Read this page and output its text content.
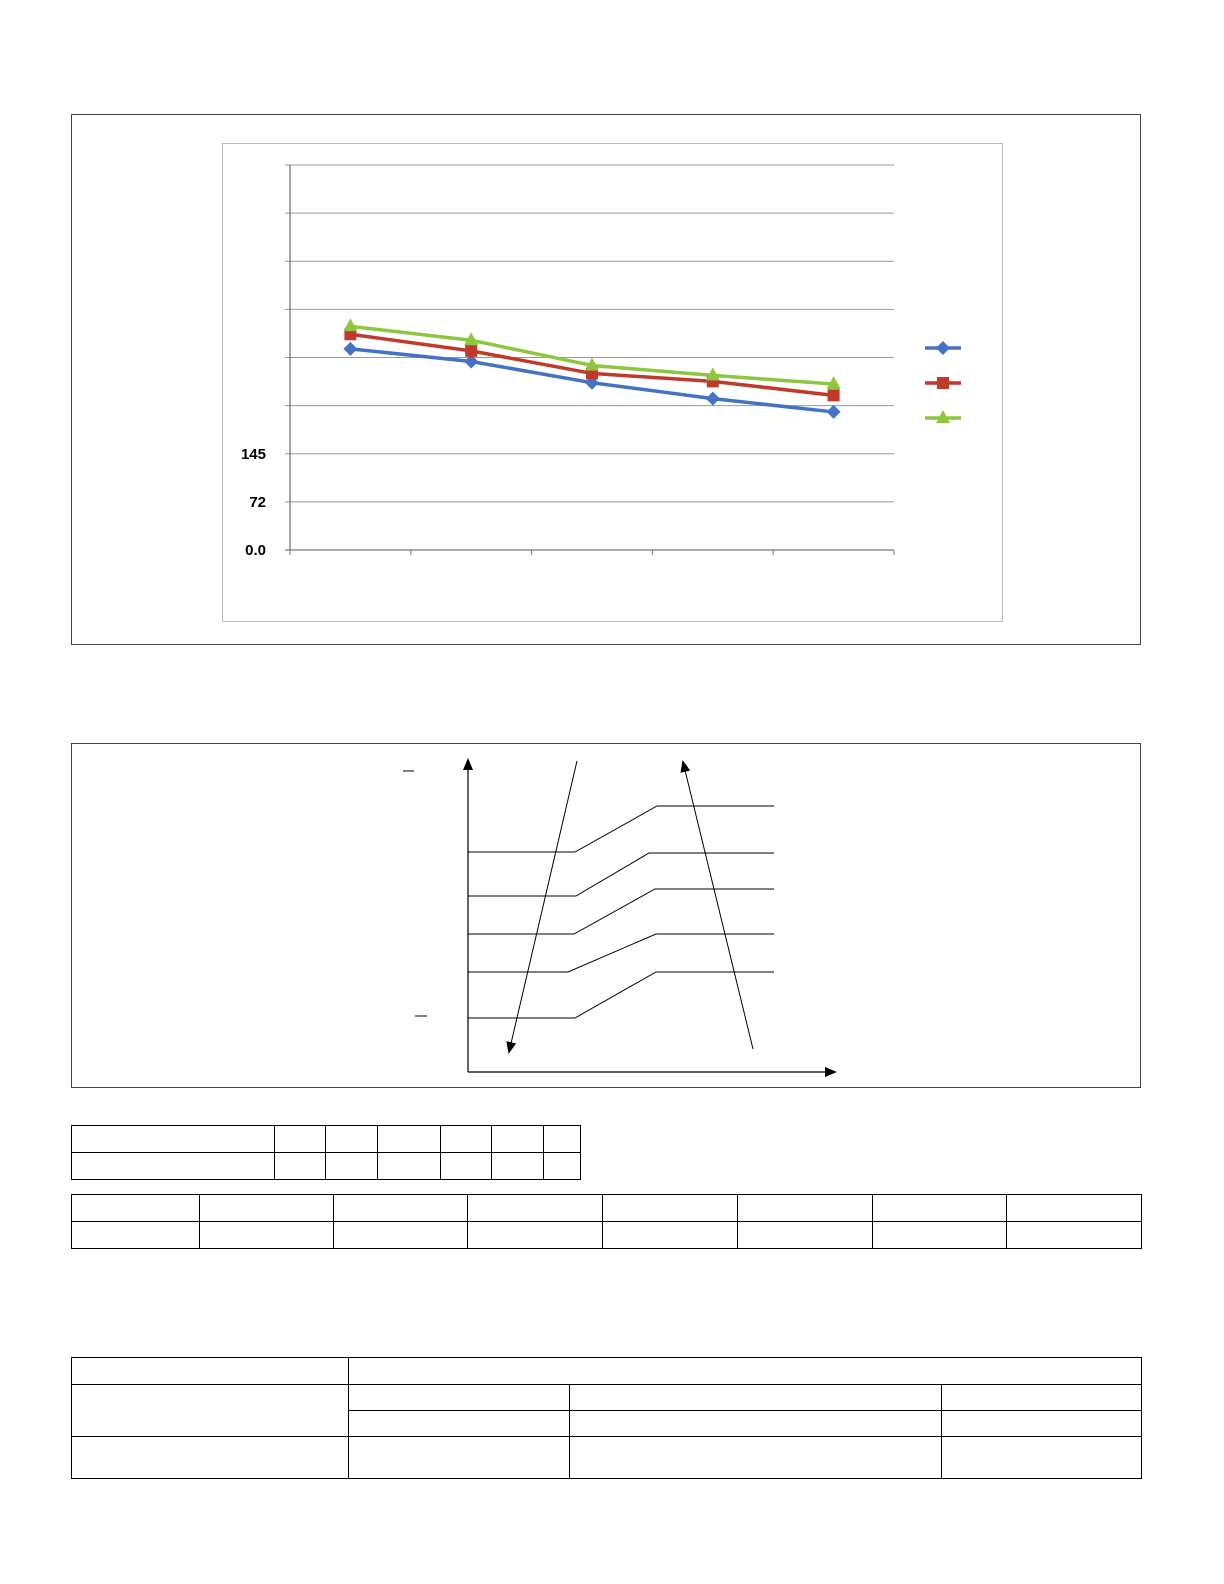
0.0
72
145
